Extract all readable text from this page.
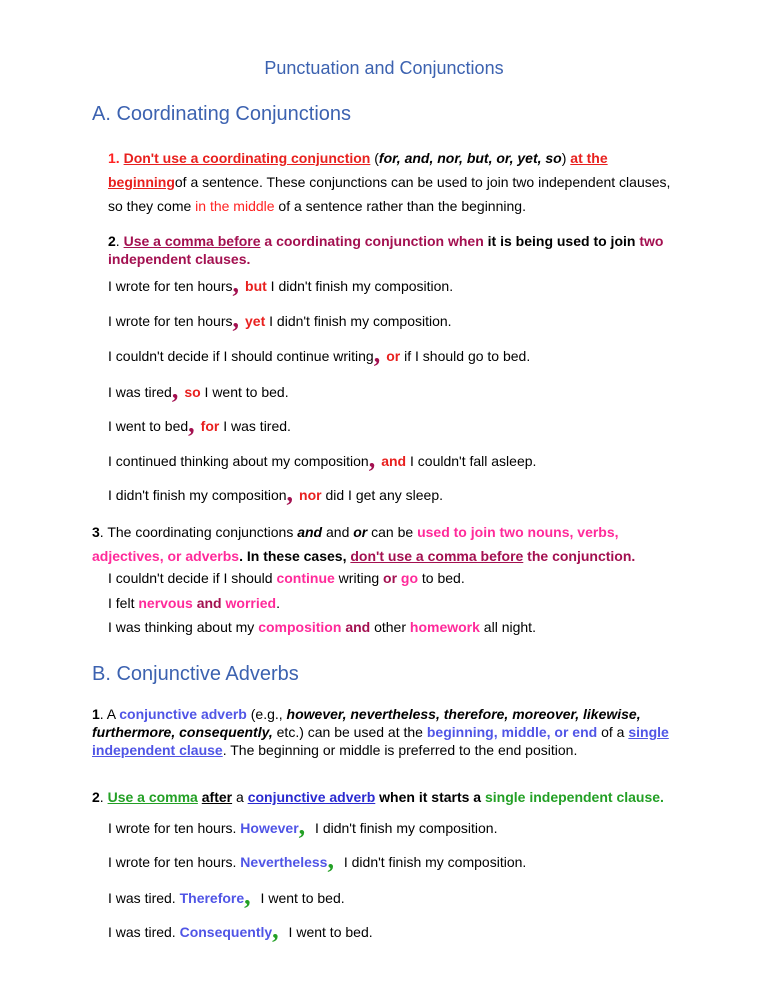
Punctuation and Conjunctions
A. Coordinating Conjunctions
1. Don't use a coordinating conjunction (for, and, nor, but, or, yet, so) at the beginningof a sentence. These conjunctions can be used to join two independent clauses, so they come in the middle of a sentence rather than the beginning.
2. Use a comma before a coordinating conjunction when it is being used to join two independent clauses.
I wrote for ten hours, but I didn't finish my composition.
I wrote for ten hours, yet I didn't finish my composition.
I couldn't decide if I should continue writing, or if I should go to bed.
I was tired, so I went to bed.
I went to bed, for I was tired.
I continued thinking about my composition, and I couldn't fall asleep.
I didn't finish my composition, nor did I get any sleep.
3. The coordinating conjunctions and and or can be used to join two nouns, verbs, adjectives, or adverbs. In these cases, don't use a comma before the conjunction.
I couldn't decide if I should continue writing or go to bed.
I felt nervous and worried.
I was thinking about my composition and other homework all night.
B. Conjunctive Adverbs
1. A conjunctive adverb (e.g., however, nevertheless, therefore, moreover, likewise, furthermore, consequently, etc.) can be used at the beginning, middle, or end of a single independent clause. The beginning or middle is preferred to the end position.
2. Use a comma after a conjunctive adverb when it starts a single independent clause.
I wrote for ten hours. However, I didn't finish my composition.
I wrote for ten hours. Nevertheless, I didn't finish my composition.
I was tired. Therefore, I went to bed.
I was tired. Consequently, I went to bed.
